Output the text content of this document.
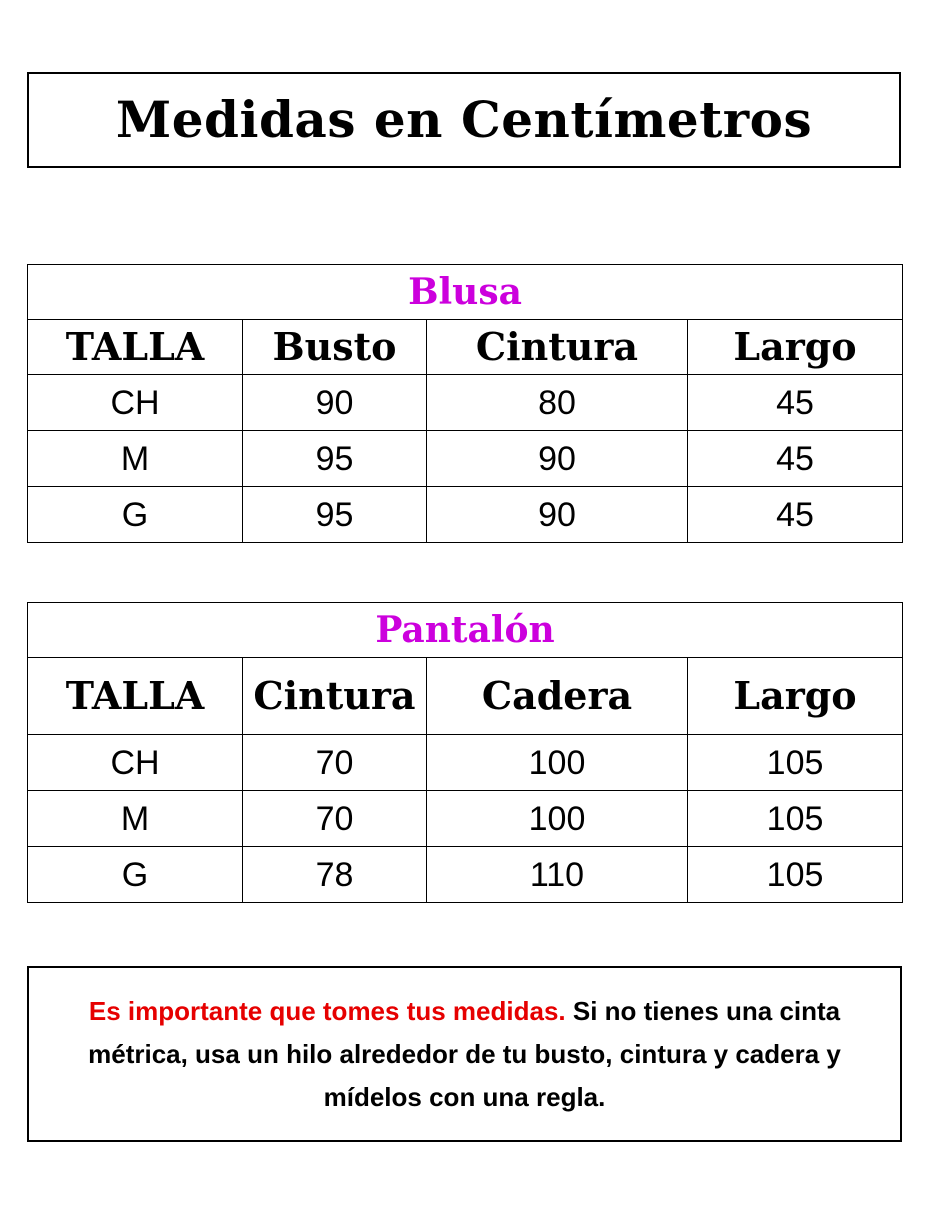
Medidas en Centímetros
Blusa			
TALLA	Busto	Cintura	Largo
CH	90	80	45
M	95	90	45
G	95	90	45
Pantalón			
TALLA	Cintura	Cadera	Largo
CH	70	100	105
M	70	100	105
G	78	110	105

Es importante que tomes tus medidas. Si no tienes una cinta métrica, usa un hilo alrededor de tu busto, cintura y cadera y mídelos con una regla.
